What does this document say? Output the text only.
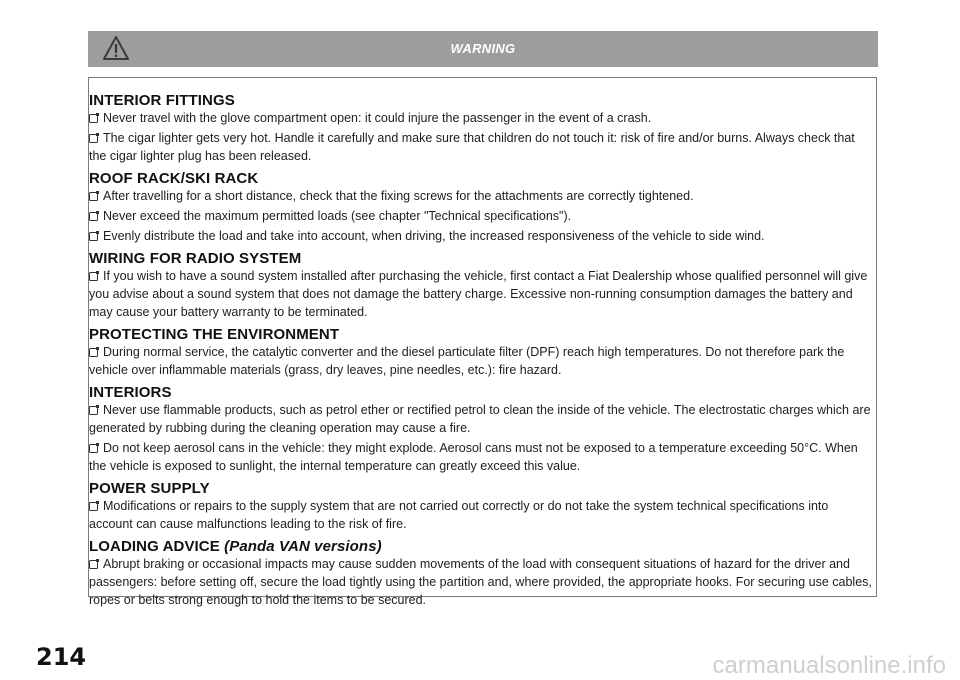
WARNING
INTERIOR FITTINGS
Never travel with the glove compartment open: it could injure the passenger in the event of a crash.
The cigar lighter gets very hot. Handle it carefully and make sure that children do not touch it: risk of fire and/or burns. Always check that the cigar lighter plug has been released.
ROOF RACK/SKI RACK
After travelling for a short distance, check that the fixing screws for the attachments are correctly tightened.
Never exceed the maximum permitted loads (see chapter "Technical specifications").
Evenly distribute the load and take into account, when driving, the increased responsiveness of the vehicle to side wind.
WIRING FOR RADIO SYSTEM
If you wish to have a sound system installed after purchasing the vehicle, first contact a Fiat Dealership whose qualified personnel will give you advise about a sound system that does not damage the battery charge. Excessive non-running consumption damages the battery and may cause your battery warranty to be terminated.
PROTECTING THE ENVIRONMENT
During normal service, the catalytic converter and the diesel particulate filter (DPF) reach high temperatures. Do not therefore park the vehicle over inflammable materials (grass, dry leaves, pine needles, etc.): fire hazard.
INTERIORS
Never use flammable products, such as petrol ether or rectified petrol to clean the inside of the vehicle. The electrostatic charges which are generated by rubbing during the cleaning operation may cause a fire.
Do not keep aerosol cans in the vehicle: they might explode. Aerosol cans must not be exposed to a temperature exceeding 50°C. When the vehicle is exposed to sunlight, the internal temperature can greatly exceed this value.
POWER SUPPLY
Modifications or repairs to the supply system that are not carried out correctly or do not take the system technical specifications into account can cause malfunctions leading to the risk of fire.
LOADING ADVICE (Panda VAN versions)
Abrupt braking or occasional impacts may cause sudden movements of the load with consequent situations of hazard for the driver and passengers: before setting off, secure the load tightly using the partition and, where provided, the appropriate hooks. For securing use cables, ropes or belts strong enough to hold the items to be secured.
214	carmanualsonline.info
